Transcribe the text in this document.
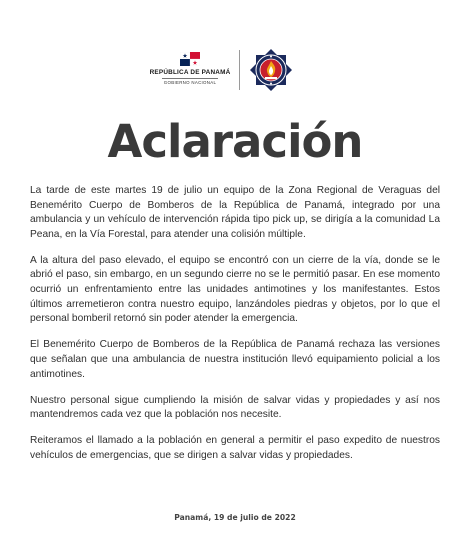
REPÚBLICA DE PANAMÁ
GOBIERNO NACIONAL
Aclaración

La tarde de este martes 19 de julio un equipo de la Zona Regional de Veraguas del Benemérito Cuerpo de Bomberos de la República de Panamá, integrado por una ambulancia y un vehículo de intervención rápida tipo pick up, se dirigía a la comunidad La Peana, en la Vía Forestal, para atender una colisión múltiple.

A la altura del paso elevado, el equipo se encontró con un cierre de la vía, donde se le abrió el paso, sin embargo, en un segundo cierre no se le permitió pasar. En ese momento ocurrió un enfrentamiento entre las unidades antimotines y los manifestantes. Estos últimos arremetieron contra nuestro equipo, lanzándoles piedras y objetos, por lo que el personal bomberil retornó sin poder atender la emergencia.

El Benemérito Cuerpo de Bomberos de la República de Panamá rechaza las versiones que señalan que una ambulancia de nuestra institución llevó equipamiento policial a los antimotines.

Nuestro personal sigue cumpliendo la misión de salvar vidas y propiedades y así nos mantendremos cada vez que la población nos necesite.

Reiteramos el llamado a la población en general a permitir el paso expedito de nuestros vehículos de emergencias, que se dirigen a salvar vidas y propiedades.

Panamá, 19 de julio de 2022
